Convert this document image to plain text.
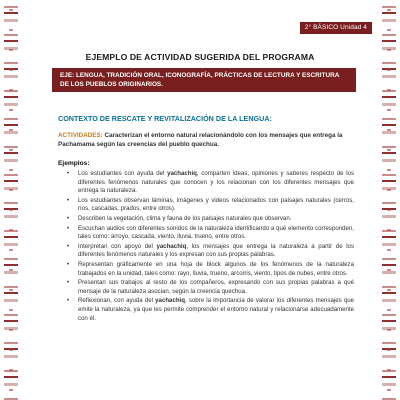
2° BÁSICO Unidad 4
EJEMPLO DE ACTIVIDAD SUGERIDA DEL PROGRAMA
EJE: LENGUA, TRADICIÓN ORAL, ICONOGRAFÍA, PRÁCTICAS DE LECTURA Y ESCRITURA DE LOS PUEBLOS ORIGINARIOS.
CONTEXTO DE RESCATE Y REVITALIZACIÓN DE LA LENGUA:
ACTIVIDADES: Caracterizan el entorno natural relacionándolo con los mensajes que entrega la Pachamama según las creencias del pueblo quechua.
Ejemplos:
• Los estudiantes con ayuda del yachachiq, comparten ideas, opiniones y saberes respecto de los diferentes fenómenos naturales que conocen y los relacionan con los diferentes mensajes que entrega la naturaleza.
• Los estudiantes observan láminas, imágenes y videos relacionados con paisajes naturales (cerros, ríos, cascadas, prados, entre otros).
• Describen la vegetación, clima y fauna de los paisajes naturales que observan.
• Escuchan audios con diferentes sonidos de la naturaleza identificando a qué elemento corresponden, tales como: arroyo, cascada, viento, lluvia, trueno, entre otros.
• Interpretan con apoyo del yachachiq, los mensajes que entrega la naturaleza a partir de los diferentes fenómenos naturales y los expresan con sus propias palabras.
• Representan gráficamente en una hoja de block algunos de los fenómenos de la naturaleza trabajados en la unidad, tales como: rayo, lluvia, trueno, arcoíris, viento, tipos de nubes, entre otros.
• Presentan sus trabajos al resto de los compañeros, expresando con sus propias palabras a qué mensaje de la naturaleza asocian, según la creencia quechua.
• Reflexionan, con ayuda del yachachiq, sobre la importancia de valorar los diferentes mensajes que emite la naturaleza, ya que les permite comprender el entorno natural y relacionarse adecuadamente con él.
